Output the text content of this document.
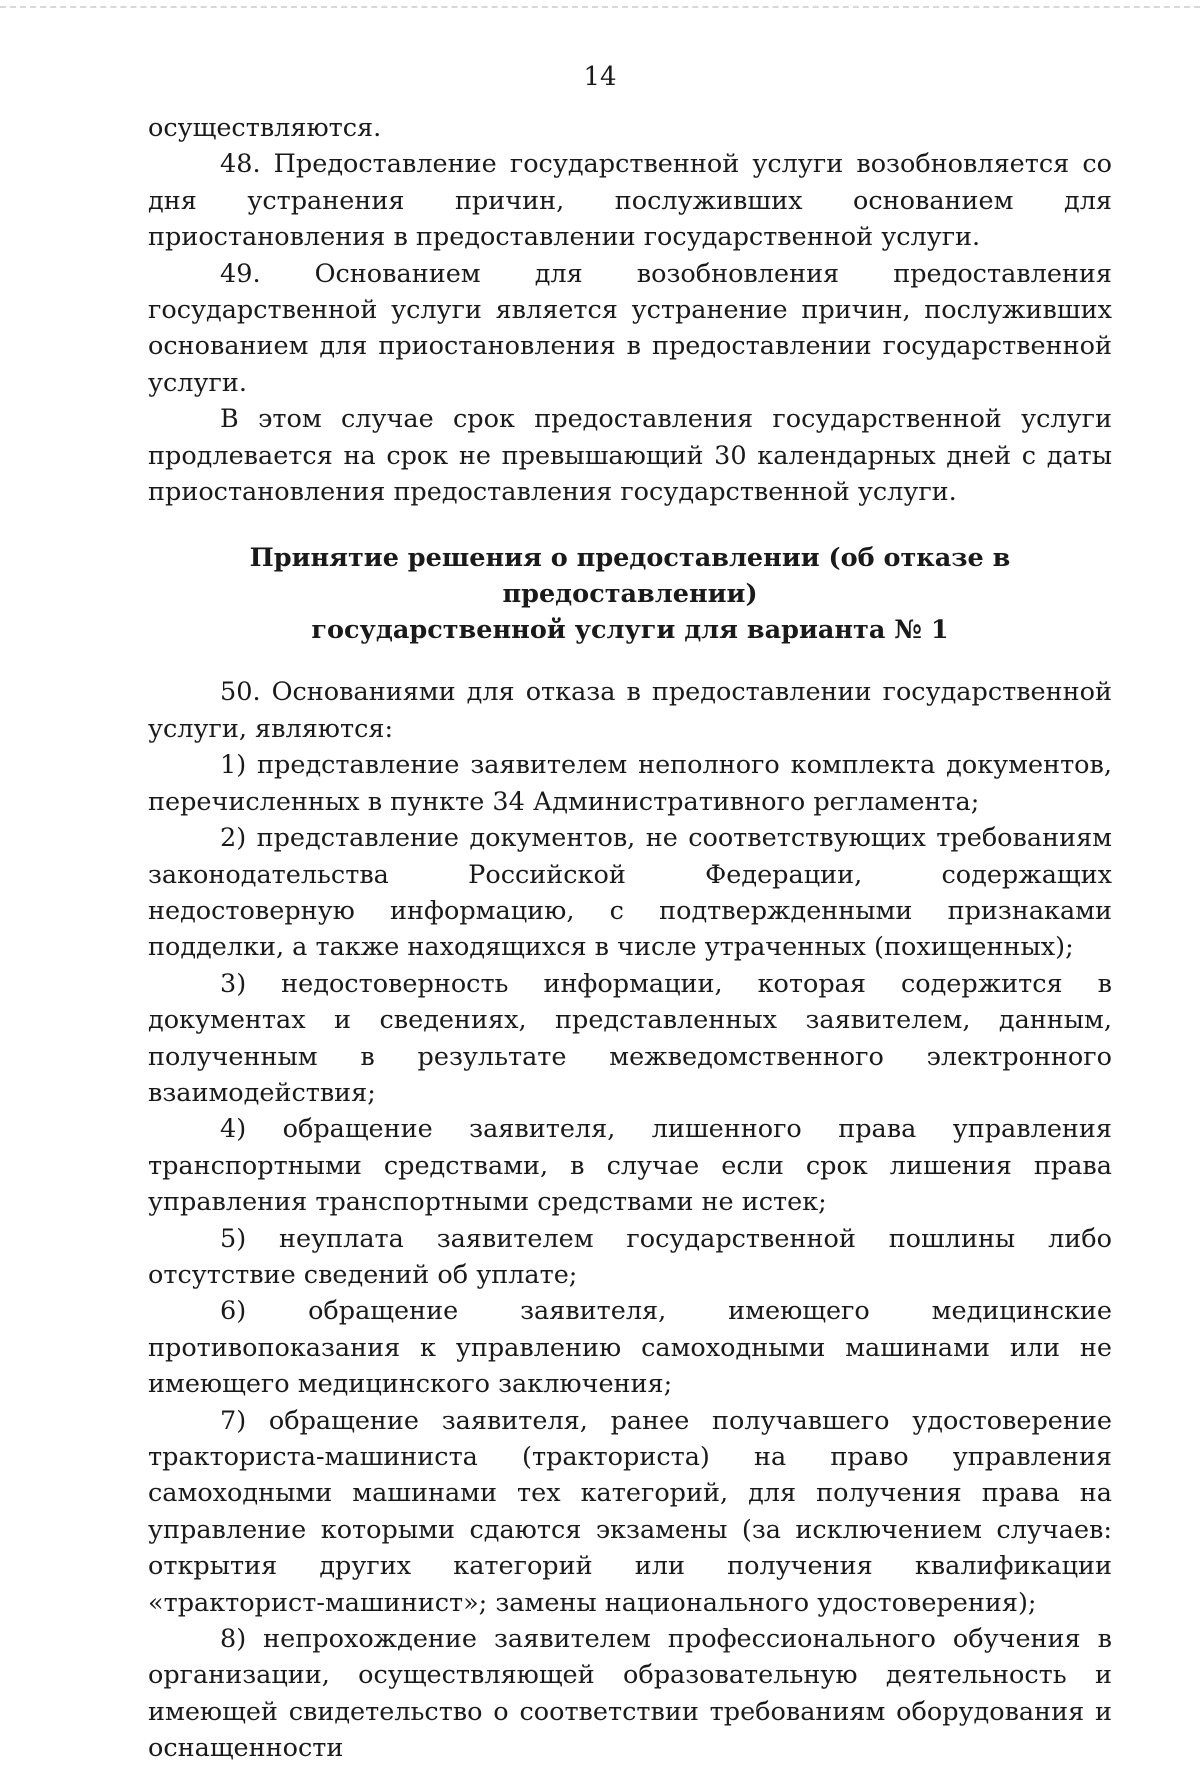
14

осуществляются.

48. Предоставление государственной услуги возобновляется со дня устранения причин, послуживших основанием для приостановления в предоставлении государственной услуги.

49. Основанием для возобновления предоставления государственной услуги является устранение причин, послуживших основанием для приостановления в предоставлении государственной услуги.

В этом случае срок предоставления государственной услуги продлевается на срок не превышающий 30 календарных дней с даты приостановления предоставления государственной услуги.

Принятие решения о предоставлении (об отказе в предоставлении)
государственной услуги для варианта № 1

50. Основаниями для отказа в предоставлении государственной услуги, являются:

1) представление заявителем неполного комплекта документов, перечисленных в пункте 34 Административного регламента;

2) представление документов, не соответствующих требованиям законодательства Российской Федерации, содержащих недостоверную информацию, с подтвержденными признаками подделки, а также находящихся в числе утраченных (похищенных);

3) недостоверность информации, которая содержится в документах и сведениях, представленных заявителем, данным, полученным в результате межведомственного электронного взаимодействия;

4) обращение заявителя, лишенного права управления транспортными средствами, в случае если срок лишения права управления транспортными средствами не истек;

5) неуплата заявителем государственной пошлины либо отсутствие сведений об уплате;

6) обращение заявителя, имеющего медицинские противопоказания к управлению самоходными машинами или не имеющего медицинского заключения;

7) обращение заявителя, ранее получавшего удостоверение тракториста-машиниста (тракториста) на право управления самоходными машинами тех категорий, для получения права на управление которыми сдаются экзамены (за исключением случаев: открытия других категорий или получения квалификации «тракторист-машинист»; замены национального удостоверения);

8) непрохождение заявителем профессионального обучения в организации, осуществляющей образовательную деятельность и имеющей свидетельство о соответствии требованиям оборудования и оснащенности
